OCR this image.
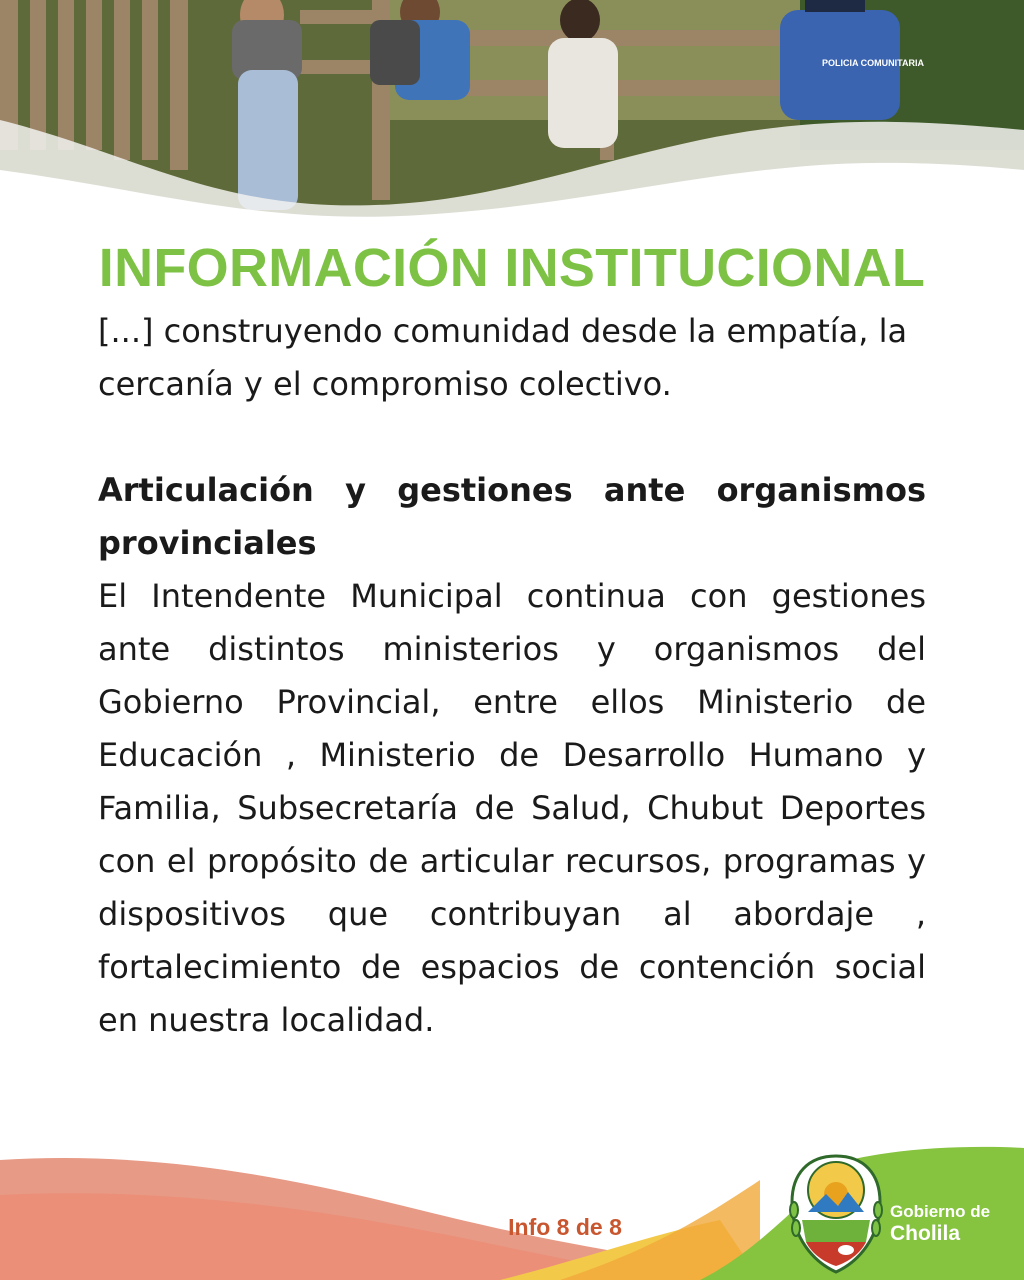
POLICIA COMUNITARIA
INFORMACIÓN INSTITUCIONAL

[...] construyendo comunidad desde la empatía, la cercanía y el compromiso colectivo.

Articulación y gestiones ante organismos provinciales

El Intendente Municipal continua con gestiones ante distintos ministerios y organismos del Gobierno Provincial, entre ellos Ministerio de Educación , Ministerio de Desarrollo Humano y Familia, Subsecretaría de Salud, Chubut Deportes con el propósito de articular recursos, programas y dispositivos que contribuyan al abordaje , fortalecimiento de espacios de contención social en nuestra localidad.

Info 8 de 8
Gobierno de
Cholila
